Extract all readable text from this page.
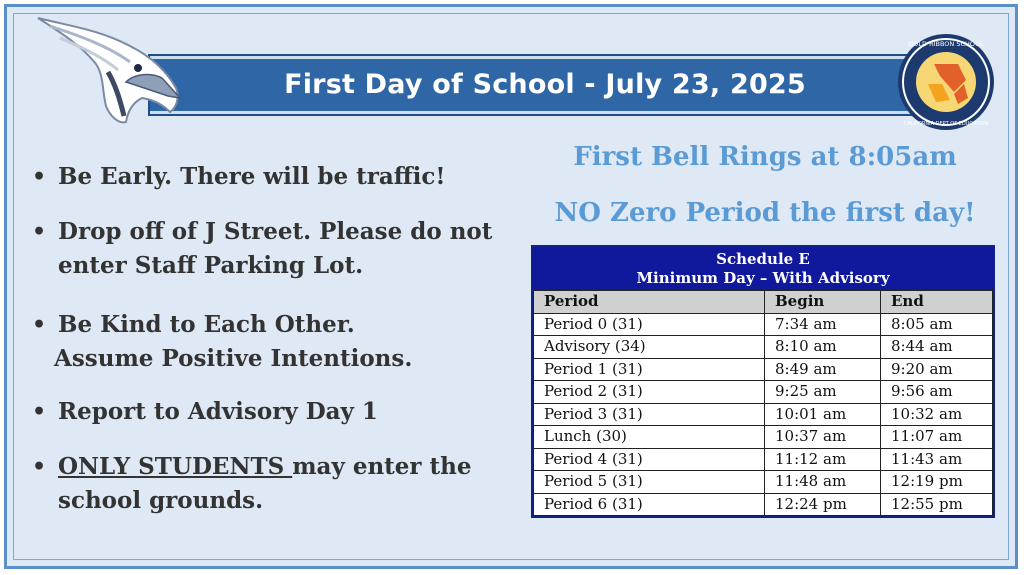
First Day of School - July 23, 2025
GOLD RIBBON SCHOOL
CALIFORNIA DEPT OF EDUCATION
• Be Early. There will be traffic!
• Drop off of J Street. Please do not
enter Staff Parking Lot.
• Be Kind to Each Other.
Assume Positive Intentions.
• Report to Advisory Day 1
• ONLY STUDENTS may enter the
school grounds.
First Bell Rings at 8:05am
NO Zero Period the first day!
Schedule E
Minimum Day – With Advisory
Period	Begin	End
Period 0 (31)	7:34 am	8:05 am
Advisory (34)	8:10 am	8:44 am
Period 1 (31)	8:49 am	9:20 am
Period 2 (31)	9:25 am	9:56 am
Period 3 (31)	10:01 am	10:32 am
Lunch (30)	10:37 am	11:07 am
Period 4 (31)	11:12 am	11:43 am
Period 5 (31)	11:48 am	12:19 pm
Period 6 (31)	12:24 pm	12:55 pm
